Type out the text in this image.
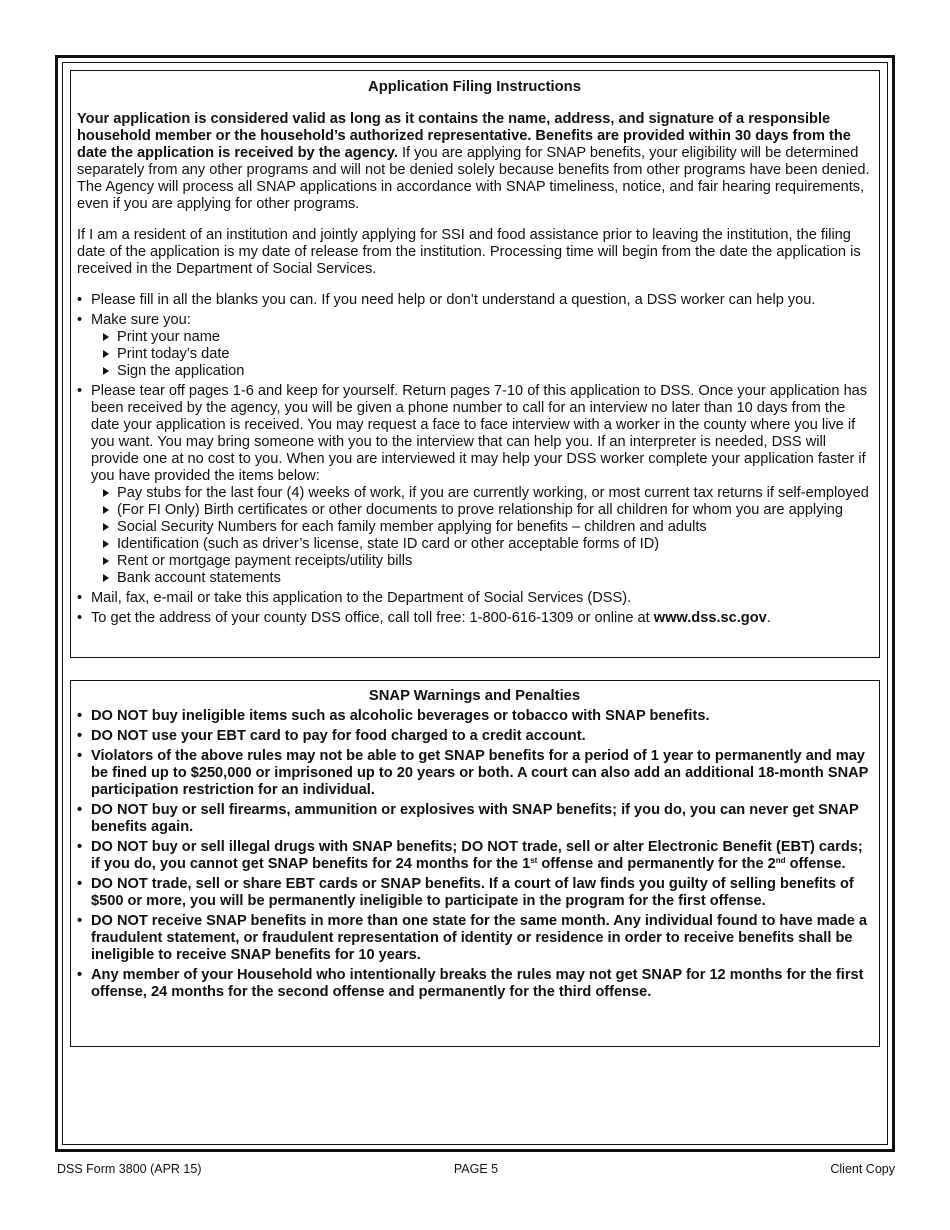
Application Filing Instructions

Your application is considered valid as long as it contains the name, address, and signature of a responsible household member or the household’s authorized representative. Benefits are provided within 30 days from the date the application is received by the agency. If you are applying for SNAP benefits, your eligibility will be determined separately from any other programs and will not be denied solely because benefits from other programs have been denied. The Agency will process all SNAP applications in accordance with SNAP timeliness, notice, and fair hearing requirements, even if you are applying for other programs.

If I am a resident of an institution and jointly applying for SSI and food assistance prior to leaving the institution, the filing date of the application is my date of release from the institution. Processing time will begin from the date the application is received in the Department of Social Services.

• Please fill in all the blanks you can. If you need help or don’t understand a question, a DSS worker can help you.
• Make sure you:
Print your name
Print today’s date
Sign the application
• Please tear off pages 1-6 and keep for yourself. Return pages 7-10 of this application to DSS. Once your application has been received by the agency, you will be given a phone number to call for an interview no later than 10 days from the date your application is received. You may request a face to face interview with a worker in the county where you live if you want. You may bring someone with you to the interview that can help you. If an interpreter is needed, DSS will provide one at no cost to you. When you are interviewed it may help your DSS worker complete your application faster if you have provided the items below:
Pay stubs for the last four (4) weeks of work, if you are currently working, or most current tax returns if self-employed
(For FI Only) Birth certificates or other documents to prove relationship for all children for whom you are applying
Social Security Numbers for each family member applying for benefits – children and adults
Identification (such as driver’s license, state ID card or other acceptable forms of ID)
Rent or mortgage payment receipts/utility bills
Bank account statements
• Mail, fax, e-mail or take this application to the Department of Social Services (DSS).
• To get the address of your county DSS office, call toll free: 1-800-616-1309 or online at www.dss.sc.gov.
SNAP Warnings and Penalties
• DO NOT buy ineligible items such as alcoholic beverages or tobacco with SNAP benefits.
• DO NOT use your EBT card to pay for food charged to a credit account.
• Violators of the above rules may not be able to get SNAP benefits for a period of 1 year to permanently and may be fined up to $250,000 or imprisoned up to 20 years or both. A court can also add an additional 18-month SNAP participation restriction for an individual.
• DO NOT buy or sell firearms, ammunition or explosives with SNAP benefits; if you do, you can never get SNAP benefits again.
• DO NOT buy or sell illegal drugs with SNAP benefits; DO NOT trade, sell or alter Electronic Benefit (EBT) cards; if you do, you cannot get SNAP benefits for 24 months for the 1st offense and permanently for the 2nd offense.
• DO NOT trade, sell or share EBT cards or SNAP benefits. If a court of law finds you guilty of selling benefits of $500 or more, you will be permanently ineligible to participate in the program for the first offense.
• DO NOT receive SNAP benefits in more than one state for the same month. Any individual found to have made a fraudulent statement, or fraudulent representation of identity or residence in order to receive benefits shall be ineligible to receive SNAP benefits for 10 years.
• Any member of your Household who intentionally breaks the rules may not get SNAP for 12 months for the first offense, 24 months for the second offense and permanently for the third offense.
DSS Form 3800 (APR 15)	PAGE 5	Client Copy
